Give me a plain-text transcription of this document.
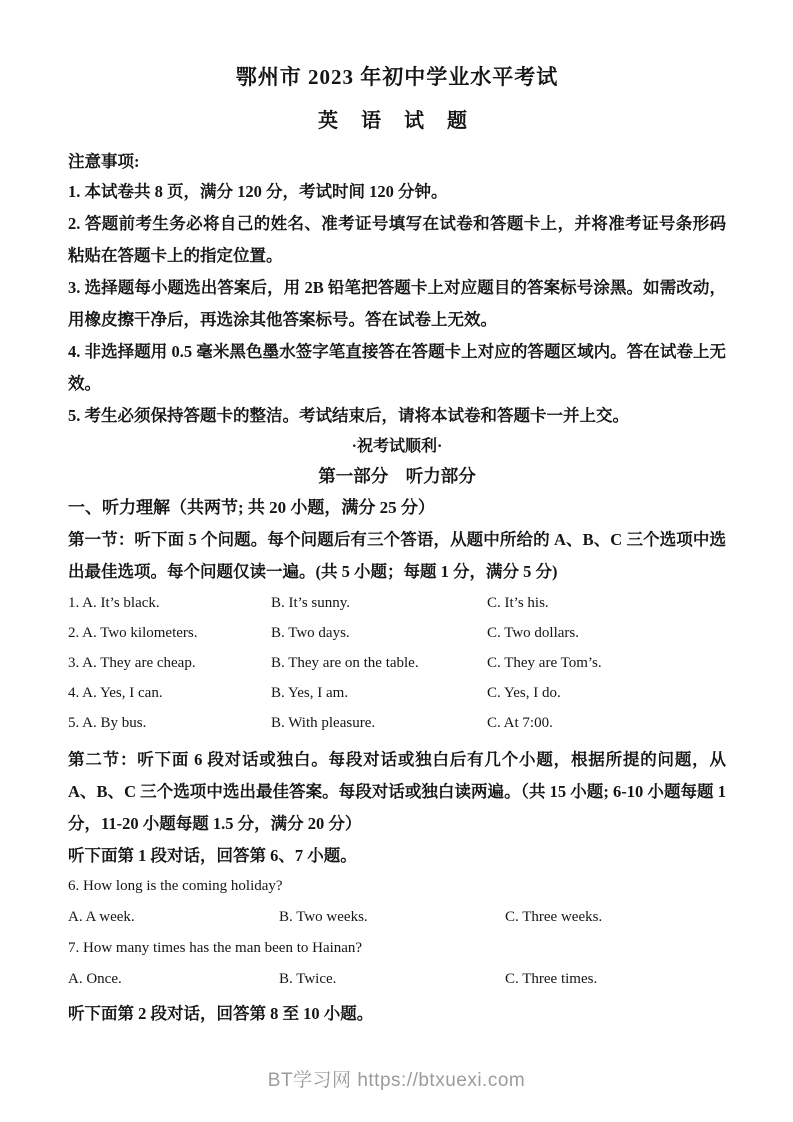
鄂州市 2023 年初中学业水平考试
英 语 试 题

注意事项:

1. 本试卷共 8 页，满分 120 分，考试时间 120 分钟。

2. 答题前考生务必将自己的姓名、准考证号填写在试卷和答题卡上，并将准考证号条形码粘贴在答题卡上的指定位置。

3. 选择题每小题选出答案后，用 2B 铅笔把答题卡上对应题目的答案标号涂黑。如需改动，用橡皮擦干净后，再选涂其他答案标号。答在试卷上无效。

4. 非选择题用 0.5 毫米黑色墨水签字笔直接答在答题卡上对应的答题区域内。答在试卷上无效。

5. 考生必须保持答题卡的整洁。考试结束后，请将本试卷和答题卡一并上交。

·祝考试顺利·

第一部分　听力部分

一、听力理解（共两节; 共 20 小题，满分 25 分）

第一节：听下面 5 个问题。每个问题后有三个答语，从题中所给的 A、B、C 三个选项中选出最佳选项。每个问题仅读一遍。(共 5 小题；每题 1 分，满分 5 分)

1. A. It’s black.	B. It’s sunny.	C. It’s his.
2. A. Two kilometers.	B. Two days.	C. Two dollars.
3. A. They are cheap.	B. They are on the table.	C. They are Tom’s.
4. A. Yes, I can.	B. Yes, I am.	C. Yes, I do.
5. A. By bus.	B. With pleasure.	C. At 7:00.

第二节：听下面 6 段对话或独白。每段对话或独白后有几个小题，根据所提的问题，从 A、B、C 三个选项中选出最佳答案。每段对话或独白读两遍。（共 15 小题; 6-10 小题每题 1 分，11-20 小题每题 1.5 分，满分 20 分）

听下面第 1 段对话，回答第 6、7 小题。

6. How long is the coming holiday?

A. A week.	B. Two weeks.	C. Three weeks.

7. How many times has the man been to Hainan?

A. Once.	B. Twice.	C. Three times.

听下面第 2 段对话，回答第 8 至 10 小题。

BT学习网 https://btxuexi.com
